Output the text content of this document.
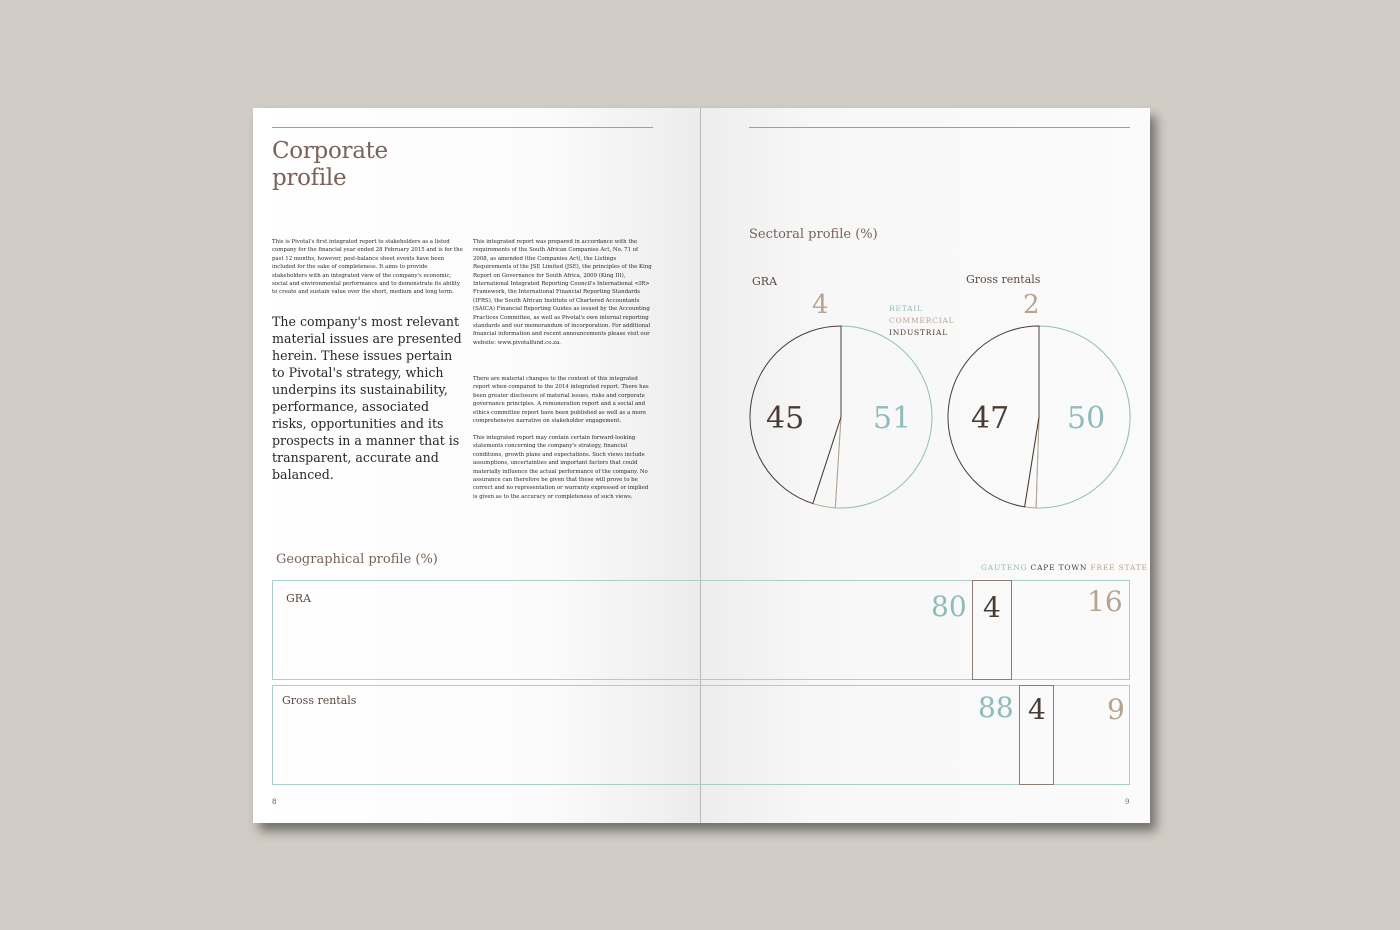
Corporate
profile

This is Pivotal's first integrated report to stakeholders as a listed company for the financial year ended 28 February 2015 and is for the past 12 months, however, post-balance sheet events have been included for the sake of completeness. It aims to provide stakeholders with an integrated view of the company's economic, social and environmental performance and to demonstrate its ability to create and sustain value over the short, medium and long term.

The company's most relevant material issues are presented herein. These issues pertain to Pivotal's strategy, which underpins its sustainability, performance, associated risks, opportunities and its prospects in a manner that is transparent, accurate and balanced.

This integrated report was prepared in accordance with the requirements of the South African Companies Act, No. 71 of 2008, as amended (the Companies Act), the Listings Requirements of the JSE Limited (JSE), the principles of the King Report on Governance for South Africa, 2009 (King III), International Integrated Reporting Council's International <IR> Framework, the International Financial Reporting Standards (IFRS), the South African Institute of Chartered Accountants (SAICA) Financial Reporting Guides as issued by the Accounting Practices Committee, as well as Pivotal's own internal reporting standards and our memorandum of incorporation. For additional financial information and recent announcements please visit our website: www.pivotalfund.co.za.

There are material changes to the content of this integrated report when compared to the 2014 integrated report. There has been greater disclosure of material issues, risks and corporate governance principles. A remuneration report and a social and ethics committee report have been published as well as a more comprehensive narrative on stakeholder engagement.

This integrated report may contain certain forward-looking statements concerning the company's strategy, financial conditions, growth plans and expectations. Such views include assumptions, uncertainties and important factors that could materially influence the actual performance of the company. No assurance can therefore be given that these will prove to be correct and no representation or warranty expressed or implied is given as to the accuracy or completeness of such views.

8
Sectoral profile (%)
GRA	Gross rentals
RETAIL
COMMERCIAL
INDUSTRIAL
45 51
4
47 50
2
GAUTENG CAPE TOWN FREE STATE
9
Geographical profile (%)
GRA	80 4	16
Gross rentals	88 4 9
